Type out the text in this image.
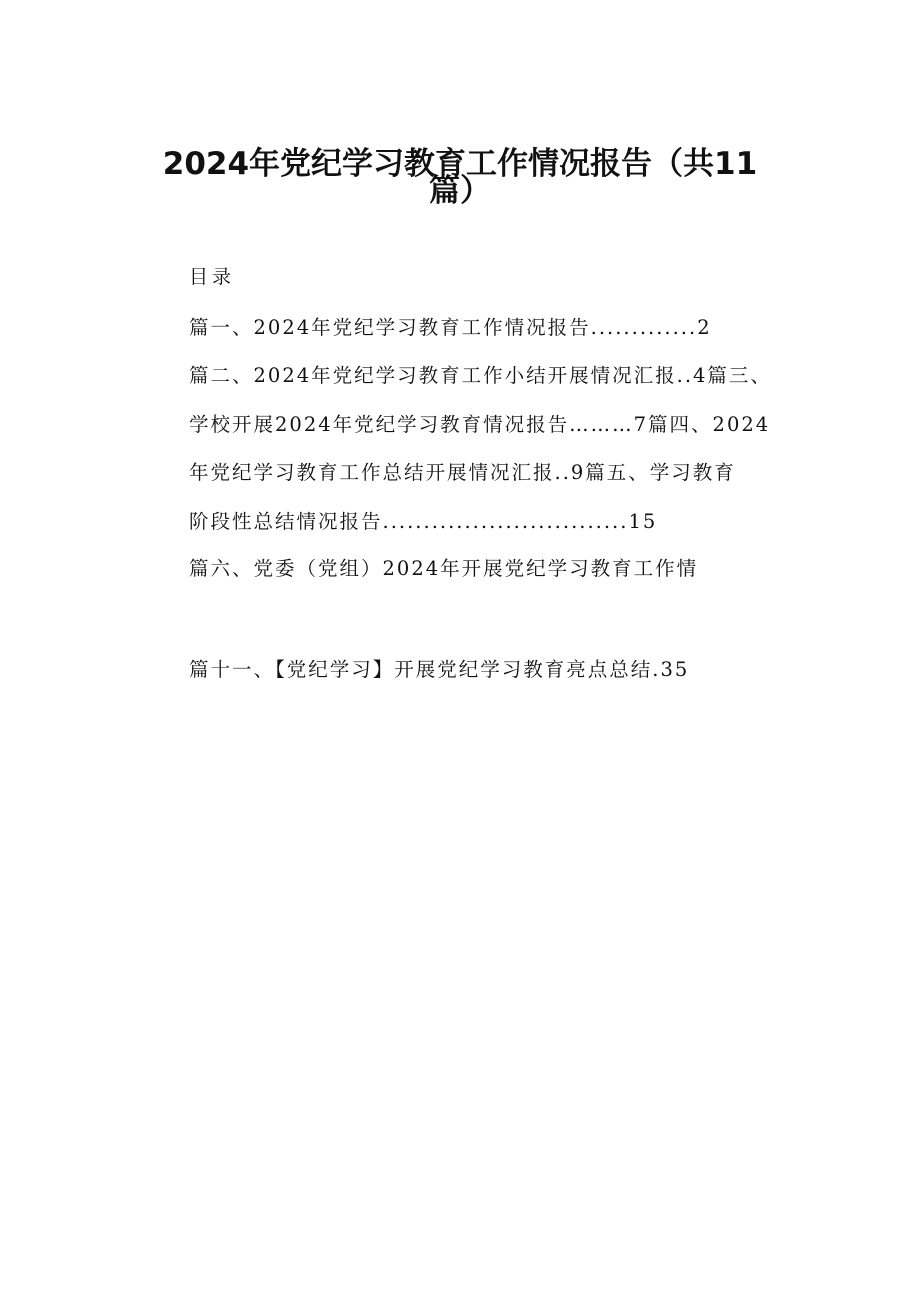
2024年党纪学习教育工作情况报告（共11
篇）
目录
篇一、2024年党纪学习教育工作情况报告.............2
篇二、2024年党纪学习教育工作小结开展情况汇报..4篇三、
学校开展2024年党纪学习教育情况报告………7篇四、2024
年党纪学习教育工作总结开展情况汇报..9篇五、学习教育
阶段性总结情况报告..............................15
篇六、党委（党组）2024年开展党纪学习教育工作情
篇十一、【党纪学习】开展党纪学习教育亮点总结.35
